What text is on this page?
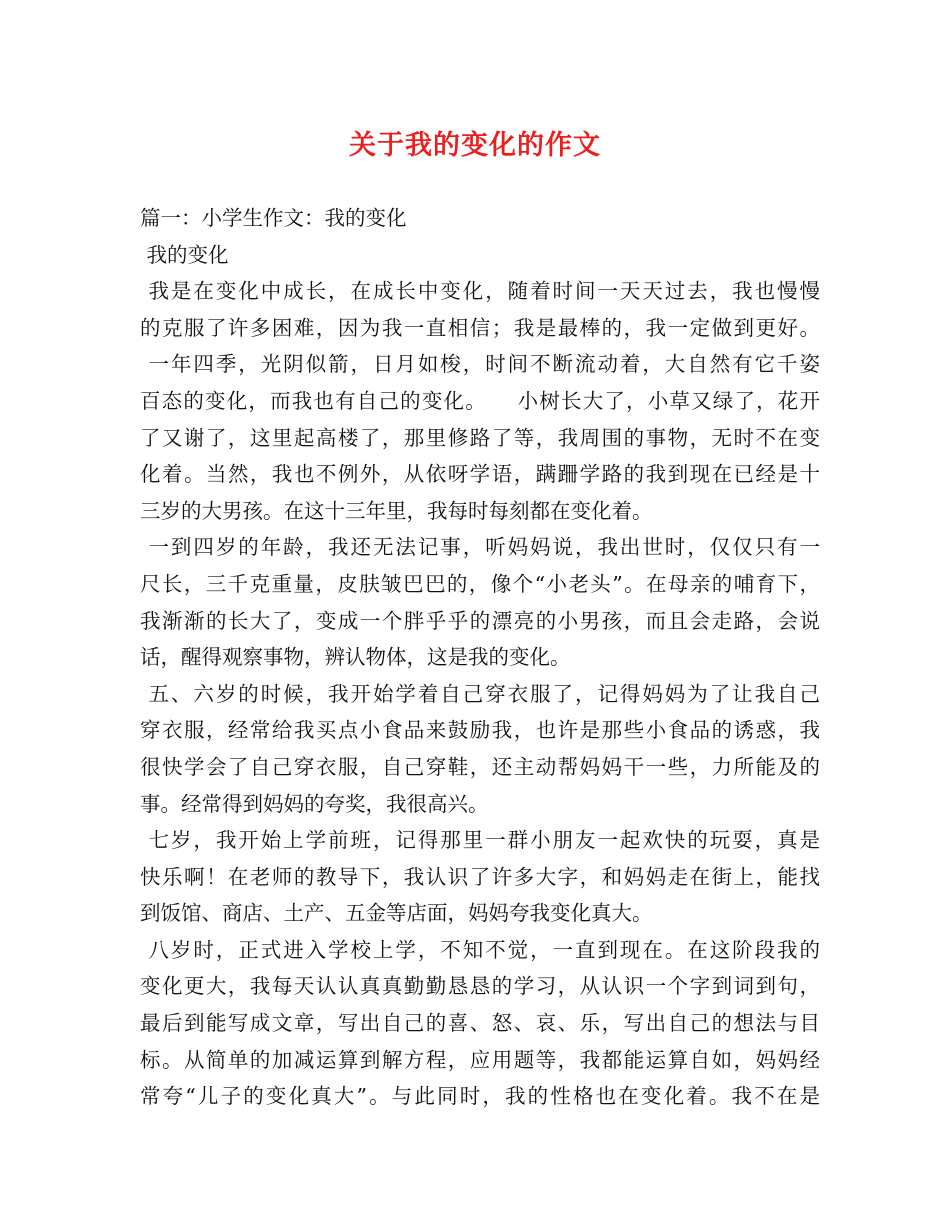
关于我的变化的作文
篇一：小学生作文：我的变化
我的变化
我是在变化中成长，在成长中变化，随着时间一天天过去，我也慢慢
的克服了许多困难，因为我一直相信；我是最棒的，我一定做到更好。
一年四季，光阴似箭，日月如梭，时间不断流动着，大自然有它千姿
百态的变化，而我也有自己的变化。    小树长大了，小草又绿了，花开
了又谢了，这里起高楼了，那里修路了等，我周围的事物，无时不在变
化着。当然，我也不例外，从依呀学语，蹒跚学路的我到现在已经是十
三岁的大男孩。在这十三年里，我每时每刻都在变化着。
一到四岁的年龄，我还无法记事，听妈妈说，我出世时，仅仅只有一
尺长，三千克重量，皮肤皱巴巴的，像个“小老头”。在母亲的哺育下，
我渐渐的长大了，变成一个胖乎乎的漂亮的小男孩，而且会走路，会说
话，醒得观察事物，辨认物体，这是我的变化。
五、六岁的时候，我开始学着自己穿衣服了，记得妈妈为了让我自己
穿衣服，经常给我买点小食品来鼓励我，也许是那些小食品的诱惑，我
很快学会了自己穿衣服，自己穿鞋，还主动帮妈妈干一些，力所能及的
事。经常得到妈妈的夸奖，我很高兴。
七岁，我开始上学前班，记得那里一群小朋友一起欢快的玩耍，真是
快乐啊！在老师的教导下，我认识了许多大字，和妈妈走在街上，能找
到饭馆、商店、土产、五金等店面，妈妈夸我变化真大。
八岁时，正式进入学校上学，不知不觉，一直到现在。在这阶段我的
变化更大，我每天认认真真勤勤恳恳的学习，从认识一个字到词到句，
最后到能写成文章，写出自己的喜、怒、哀、乐，写出自己的想法与目
标。从简单的加减运算到解方程，应用题等，我都能运算自如，妈妈经
常夸“儿子的变化真大”。与此同时，我的性格也在变化着。我不在是
